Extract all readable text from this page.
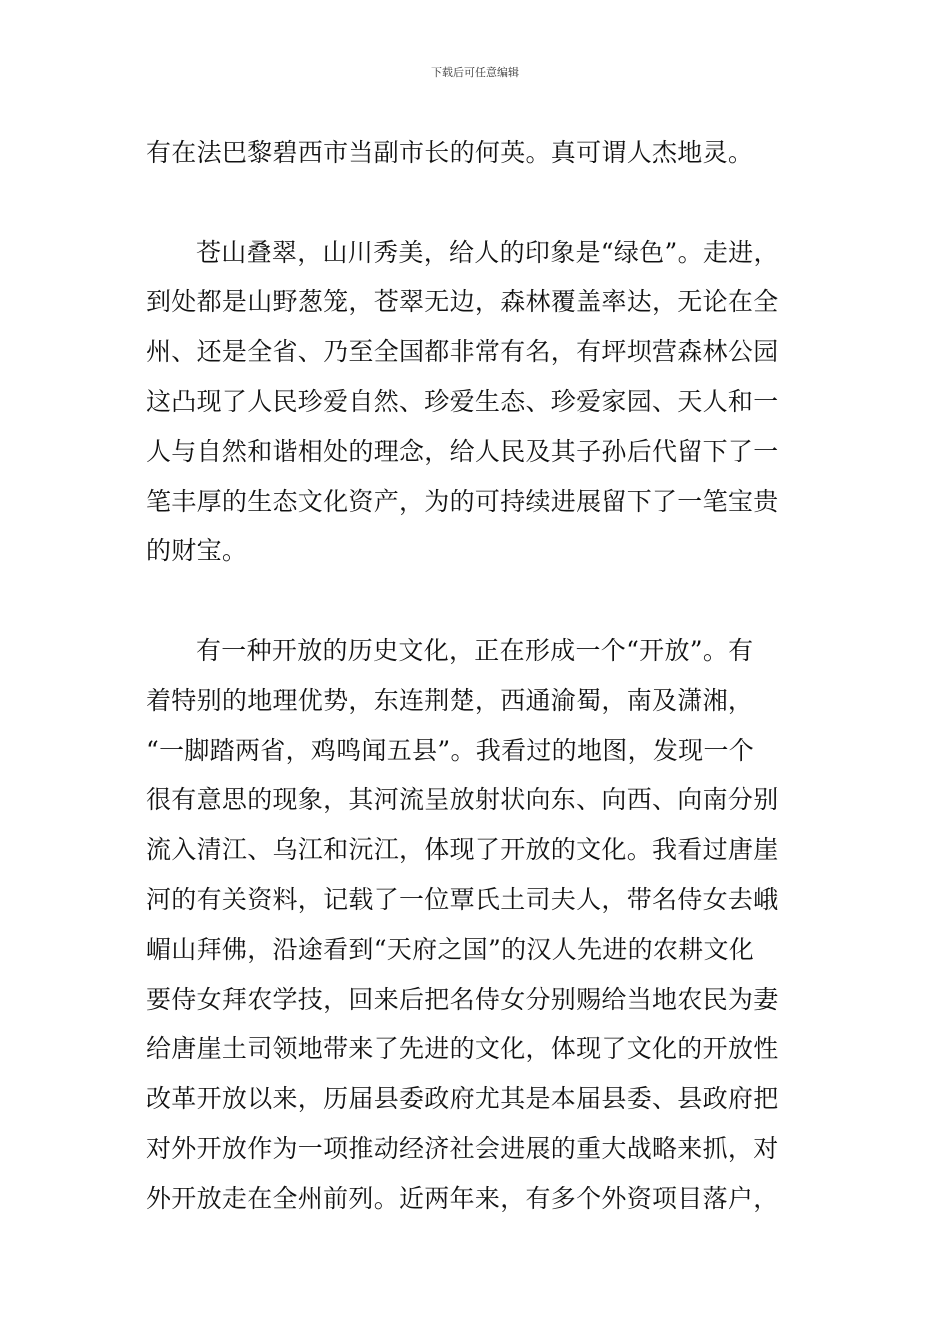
下载后可任意编辑

有在法巴黎碧西市当副市长的何英。真可谓人杰地灵。

苍山叠翠，山川秀美，给人的印象是“绿色”。走进，
到处都是山野葱笼，苍翠无边，森林覆盖率达，无论在全
州、还是全省、乃至全国都非常有名，有坪坝营森林公园
这凸现了人民珍爱自然、珍爱生态、珍爱家园、天人和一
人与自然和谐相处的理念，给人民及其子孙后代留下了一
笔丰厚的生态文化资产，为的可持续进展留下了一笔宝贵
的财宝。

有一种开放的历史文化，正在形成一个“开放”。有
着特别的地理优势，东连荆楚，西通渝蜀，南及潇湘，
“一脚踏两省，鸡鸣闻五县”。我看过的地图，发现一个
很有意思的现象，其河流呈放射状向东、向西、向南分别
流入清江、乌江和沅江，体现了开放的文化。我看过唐崖
河的有关资料，记载了一位覃氏土司夫人，带名侍女去峨
嵋山拜佛，沿途看到“天府之国”的汉人先进的农耕文化
要侍女拜农学技，回来后把名侍女分别赐给当地农民为妻
给唐崖土司领地带来了先进的文化，体现了文化的开放性
改革开放以来，历届县委政府尤其是本届县委、县政府把
对外开放作为一项推动经济社会进展的重大战略来抓，对
外开放走在全州前列。近两年来，有多个外资项目落户，
